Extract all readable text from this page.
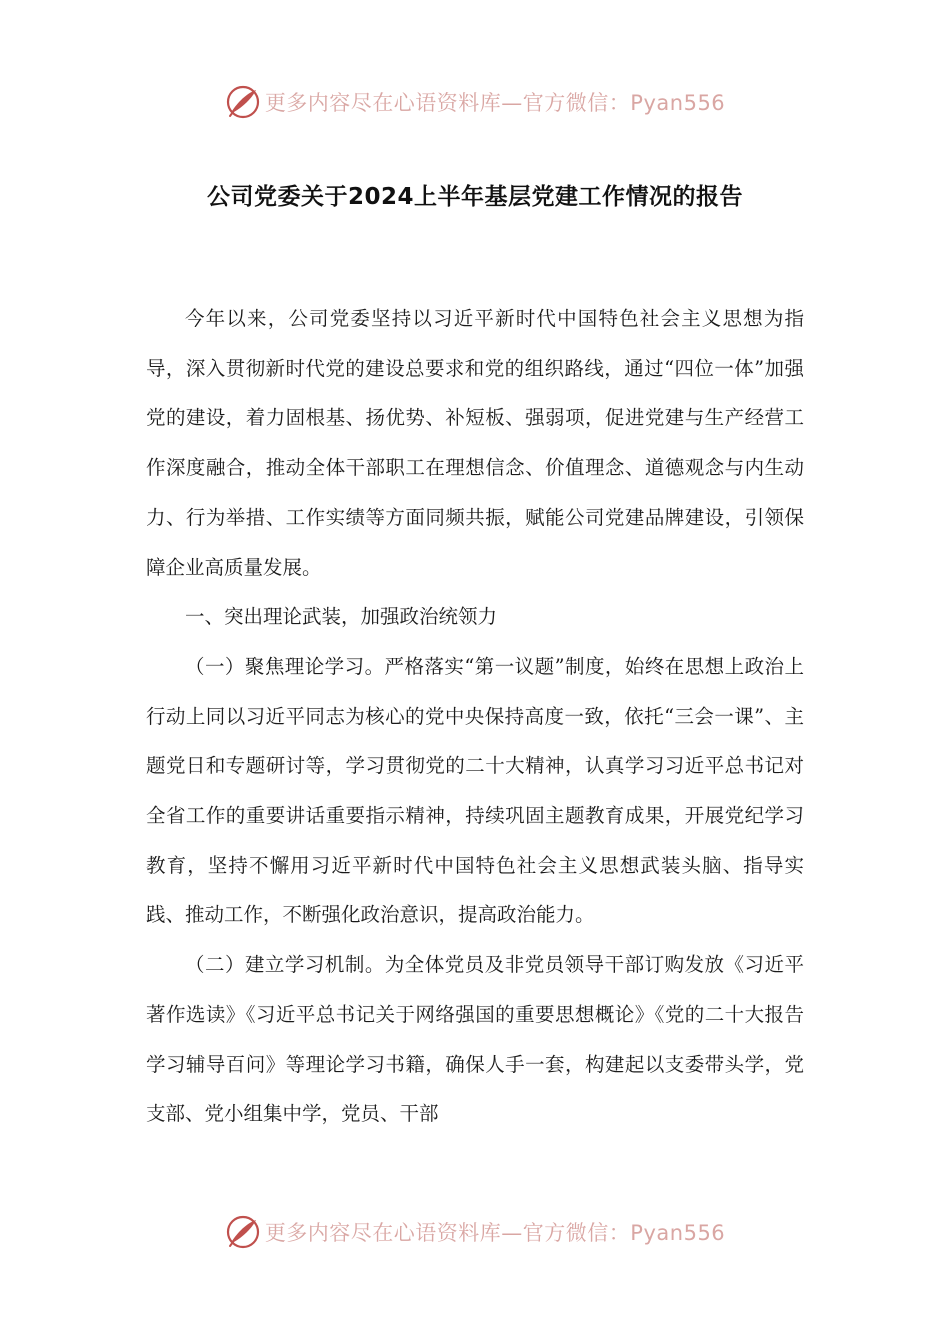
更多内容尽在心语资料库—官方微信：Pyan556
公司党委关于2024上半年基层党建工作情况的报告

今年以来，公司党委坚持以习近平新时代中国特色社会主义思想为指导，深入贯彻新时代党的建设总要求和党的组织路线，通过“四位一体”加强党的建设，着力固根基、扬优势、补短板、强弱项，促进党建与生产经营工作深度融合，推动全体干部职工在理想信念、价值理念、道德观念与内生动力、行为举措、工作实绩等方面同频共振，赋能公司党建品牌建设，引领保障企业高质量发展。

一、突出理论武装，加强政治统领力

（一）聚焦理论学习。严格落实“第一议题”制度，始终在思想上政治上行动上同以习近平同志为核心的党中央保持高度一致，依托“三会一课”、主题党日和专题研讨等，学习贯彻党的二十大精神，认真学习习近平总书记对全省工作的重要讲话重要指示精神，持续巩固主题教育成果，开展党纪学习教育，坚持不懈用习近平新时代中国特色社会主义思想武装头脑、指导实践、推动工作，不断强化政治意识，提高政治能力。

（二）建立学习机制。为全体党员及非党员领导干部订购发放《习近平著作选读》《习近平总书记关于网络强国的重要思想概论》《党的二十大报告学习辅导百问》等理论学习书籍，确保人手一套，构建起以支委带头学，党支部、党小组集中学，党员、干部

更多内容尽在心语资料库—官方微信：Pyan556
